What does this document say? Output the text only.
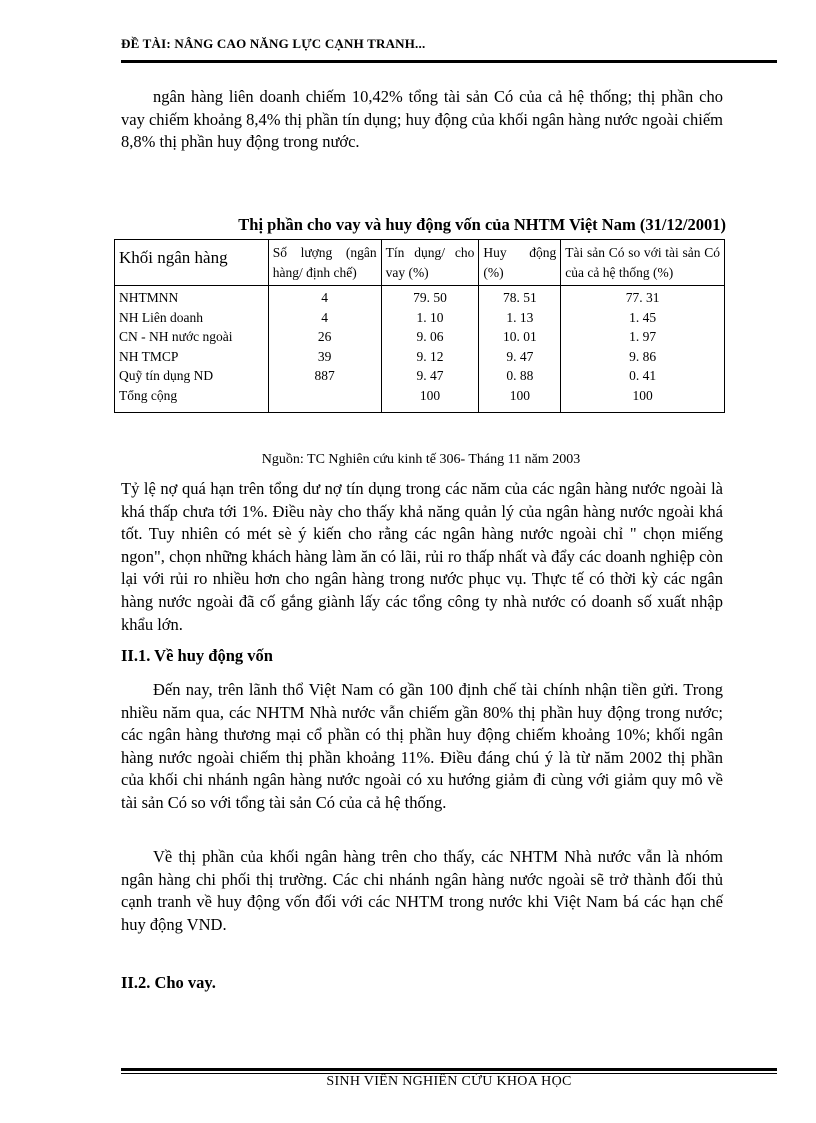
ĐỀ TÀI: NÂNG CAO NĂNG LỰC CẠNH TRANH...

ngân hàng liên doanh chiếm 10,42% tổng tài sản Có của cả hệ thống; thị phần cho vay chiếm khoảng 8,4% thị phần tín dụng; huy động của khối ngân hàng nước ngoài chiếm 8,8% thị phần huy động trong nước.

Thị phần cho vay và huy động vốn của NHTM Việt Nam (31/12/2001)
Khối ngân hàng	Số lượng (ngân hàng/ định chế)	Tín dụng/ cho vay (%)	Huy động (%)	Tài sản Có so với tài sản Có của cả hệ thống (%)
NHTMNN	4	79. 50	78. 51	77. 31
NH Liên doanh	4	1. 10	1. 13	1. 45
CN - NH nước ngoài	26	9. 06	10. 01	1. 97
NH TMCP	39	9. 12	9. 47	9. 86
Quỹ tín dụng ND	887	9. 47	0. 88	0. 41
Tổng cộng		100	100	100
Nguồn: TC Nghiên cứu kinh tế 306- Tháng 11 năm 2003

Tỷ lệ nợ quá hạn trên tổng dư nợ tín dụng trong các năm của các ngân hàng nước ngoài là khá thấp chưa tới 1%. Điều này cho thấy khả năng quản lý của ngân hàng nước ngoài khá tốt. Tuy nhiên có mét sè ý kiến cho rằng các ngân hàng nước ngoài chỉ " chọn miếng ngon", chọn những khách hàng làm ăn có lãi, rủi ro thấp nhất và đẩy các doanh nghiệp còn lại với rủi ro nhiều hơn cho ngân hàng trong nước phục vụ. Thực tế có thời kỳ các ngân hàng nước ngoài đã cố gắng giành lấy các tổng công ty nhà nước có doanh số xuất nhập khẩu lớn.

II.1. Về huy động vốn

Đến nay, trên lãnh thổ Việt Nam có gần 100 định chế tài chính nhận tiền gửi. Trong nhiều năm qua, các NHTM Nhà nước vẫn chiếm gần 80% thị phần huy động trong nước; các ngân hàng thương mại cổ phần có thị phần huy động chiếm khoảng 10%; khối ngân hàng nước ngoài chiếm thị phần khoảng 11%. Điều đáng chú ý là từ năm 2002 thị phần của khối chi nhánh ngân hàng nước ngoài có xu hướng giảm đi cùng với giảm quy mô về tài sản Có so với tổng tài sản Có của cả hệ thống.

Về thị phần của khối ngân hàng trên cho thấy, các NHTM Nhà nước vẫn là nhóm ngân hàng chi phối thị trường. Các chi nhánh ngân hàng nước ngoài sẽ trở thành đối thủ cạnh tranh về huy động vốn đối với các NHTM trong nước khi Việt Nam bá các hạn chế huy động VND.

II.2. Cho vay.
SINH VIÊN NGHIÊN CỨU KHOA HỌC
